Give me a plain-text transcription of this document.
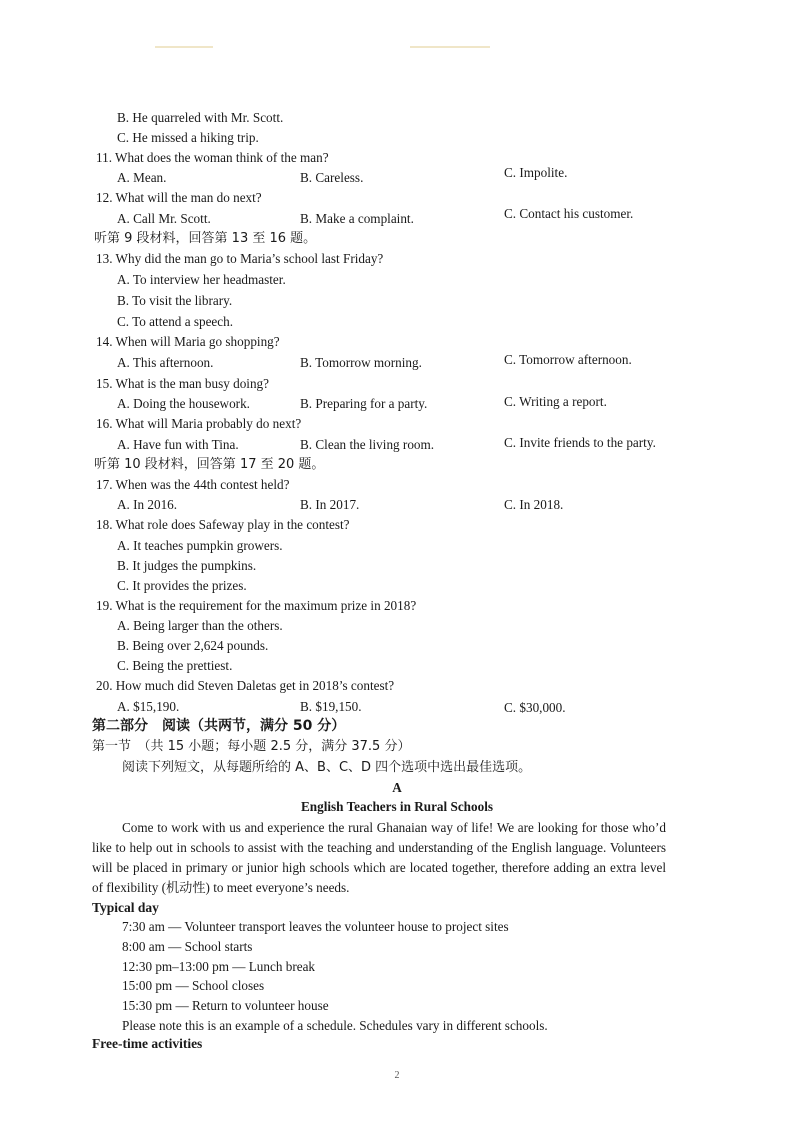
B. He quarreled with Mr. Scott.
C. He missed a hiking trip.
11. What does the woman think of the man?
A. Mean.	B. Careless.	C. Impolite.
12. What will the man do next?
A. Call Mr. Scott.	B. Make a complaint.	C. Contact his customer.
听第 9 段材料，回答第 13 至 16 题。
13. Why did the man go to Maria’s school last Friday?
A. To interview her headmaster.
B. To visit the library.
C. To attend a speech.
14. When will Maria go shopping?
A. This afternoon.	B. Tomorrow morning.	C. Tomorrow afternoon.
15. What is the man busy doing?
A. Doing the housework.	B. Preparing for a party.	C. Writing a report.
16. What will Maria probably do next?
A. Have fun with Tina.	B. Clean the living room.	C. Invite friends to the party.
听第 10 段材料，回答第 17 至 20 题。
17. When was the 44th contest held?
A. In 2016.	B. In 2017.	C. In 2018.
18. What role does Safeway play in the contest?
A. It teaches pumpkin growers.
B. It judges the pumpkins.
C. It provides the prizes.
19. What is the requirement for the maximum prize in 2018?
A. Being larger than the others.
B. Being over 2,624 pounds.
C. Being the prettiest.
20. How much did Steven Daletas get in 2018’s contest?
A. $15,190.	B. $19,150.	C. $30,000.
第二部分　阅读（共两节，满分 50 分）
第一节　（共 15 小题；每小题 2.5 分，满分 37.5 分）
阅读下列短文，从每题所给的 A、B、C、D 四个选项中选出最佳选项。
A
English Teachers in Rural Schools
Come to work with us and experience the rural Ghanaian way of life! We are looking for those who’d like to help out in schools to assist with the teaching and understanding of the English language. Volunteers will be placed in primary or junior high schools which are located together, therefore adding an extra level of flexibility (机动性) to meet everyone’s needs.
Typical day
7:30 am — Volunteer transport leaves the volunteer house to project sites
8:00 am — School starts
12:30 pm–13:00 pm — Lunch break
15:00 pm — School closes
15:30 pm — Return to volunteer house
Please note this is an example of a schedule. Schedules vary in different schools.
Free-time activities
2
